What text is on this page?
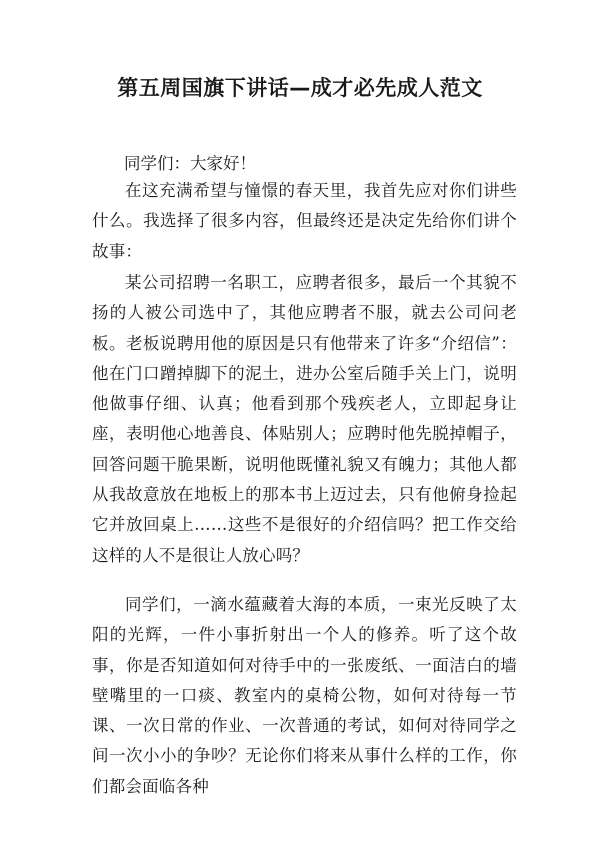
第五周国旗下讲话—成才必先成人范文

同学们：大家好！

在这充满希望与憧憬的春天里，我首先应对你们讲些什么。我选择了很多内容，但最终还是决定先给你们讲个故事：

某公司招聘一名职工，应聘者很多，最后一个其貌不扬的人被公司选中了，其他应聘者不服，就去公司问老板。老板说聘用他的原因是只有他带来了许多“介绍信”：他在门口蹭掉脚下的泥土，进办公室后随手关上门，说明他做事仔细、认真；他看到那个残疾老人，立即起身让座，表明他心地善良、体贴别人；应聘时他先脱掉帽子，回答问题干脆果断，说明他既懂礼貌又有魄力；其他人都从我故意放在地板上的那本书上迈过去，只有他俯身捡起它并放回桌上……这些不是很好的介绍信吗？把工作交给这样的人不是很让人放心吗？

同学们，一滴水蕴藏着大海的本质，一束光反映了太阳的光辉，一件小事折射出一个人的修养。听了这个故事，你是否知道如何对待手中的一张废纸、一面洁白的墙壁嘴里的一口痰、教室内的桌椅公物，如何对待每一节课、一次日常的作业、一次普通的考试，如何对待同学之间一次小小的争吵？无论你们将来从事什么样的工作，你们都会面临各种
